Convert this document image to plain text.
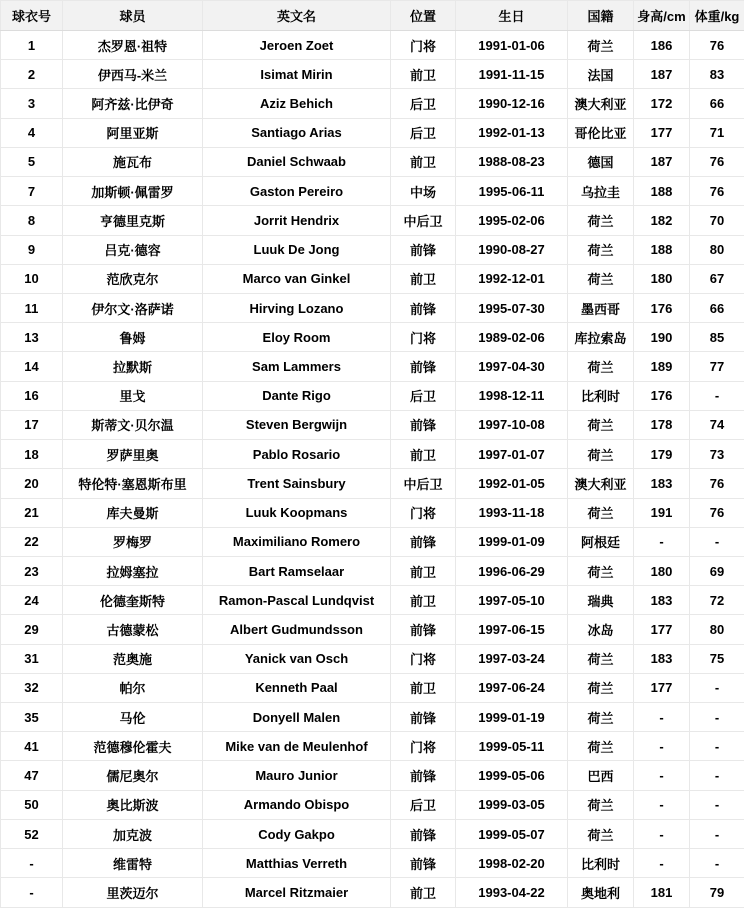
球衣号	球员	英文名	位置	生日	国籍	身高/cm	体重/kg
1	杰罗恩·祖特	Jeroen Zoet	门将	1991-01-06	荷兰	186	76
2	伊西马-米兰	Isimat Mirin	前卫	1991-11-15	法国	187	83
3	阿齐兹·比伊奇	Aziz Behich	后卫	1990-12-16	澳大利亚	172	66
4	阿里亚斯	Santiago Arias	后卫	1992-01-13	哥伦比亚	177	71
5	施瓦布	Daniel Schwaab	前卫	1988-08-23	德国	187	76
7	加斯顿·佩雷罗	Gaston Pereiro	中场	1995-06-11	乌拉圭	188	76
8	亨德里克斯	Jorrit Hendrix	中后卫	1995-02-06	荷兰	182	70
9	吕克·德容	Luuk De Jong	前锋	1990-08-27	荷兰	188	80
10	范欣克尔	Marco van Ginkel	前卫	1992-12-01	荷兰	180	67
11	伊尔文·洛萨诺	Hirving Lozano	前锋	1995-07-30	墨西哥	176	66
13	鲁姆	Eloy Room	门将	1989-02-06	库拉索岛	190	85
14	拉默斯	Sam Lammers	前锋	1997-04-30	荷兰	189	77
16	里戈	Dante Rigo	后卫	1998-12-11	比利时	176	-
17	斯蒂文·贝尔温	Steven Bergwijn	前锋	1997-10-08	荷兰	178	74
18	罗萨里奥	Pablo Rosario	前卫	1997-01-07	荷兰	179	73
20	特伦特·塞恩斯布里	Trent Sainsbury	中后卫	1992-01-05	澳大利亚	183	76
21	库夫曼斯	Luuk Koopmans	门将	1993-11-18	荷兰	191	76
22	罗梅罗	Maximiliano Romero	前锋	1999-01-09	阿根廷	-	-
23	拉姆塞拉	Bart Ramselaar	前卫	1996-06-29	荷兰	180	69
24	伦德奎斯特	Ramon-Pascal Lundqvist	前卫	1997-05-10	瑞典	183	72
29	古德蒙松	Albert Gudmundsson	前锋	1997-06-15	冰岛	177	80
31	范奥施	Yanick van Osch	门将	1997-03-24	荷兰	183	75
32	帕尔	Kenneth Paal	前卫	1997-06-24	荷兰	177	-
35	马伦	Donyell Malen	前锋	1999-01-19	荷兰	-	-
41	范德穆伦霍夫	Mike van de Meulenhof	门将	1999-05-11	荷兰	-	-
47	儒尼奥尔	Mauro Junior	前锋	1999-05-06	巴西	-	-
50	奥比斯波	Armando Obispo	后卫	1999-03-05	荷兰	-	-
52	加克波	Cody Gakpo	前锋	1999-05-07	荷兰	-	-
-	维雷特	Matthias Verreth	前锋	1998-02-20	比利时	-	-
-	里茨迈尔	Marcel Ritzmaier	前卫	1993-04-22	奥地利	181	79
